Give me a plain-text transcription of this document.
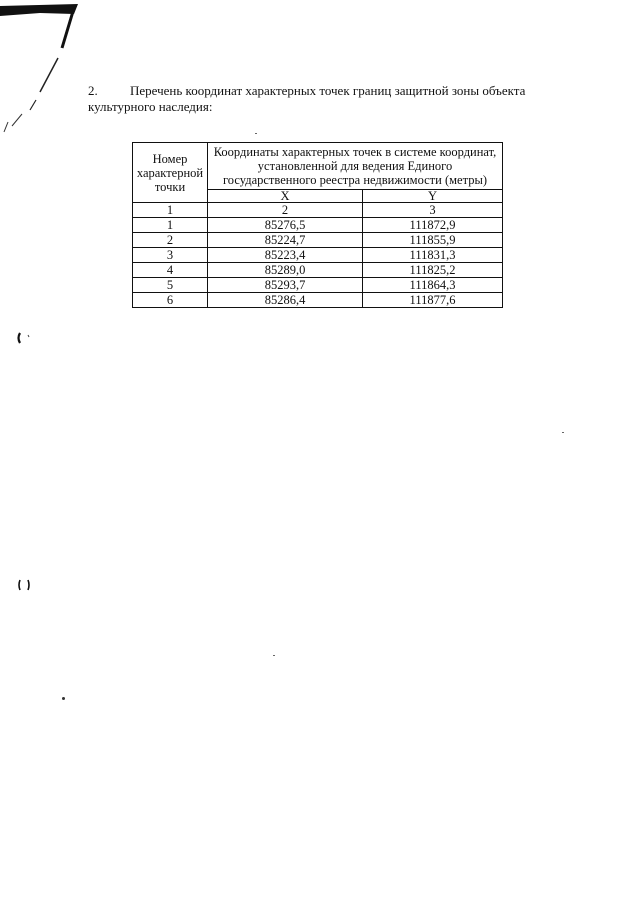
2. Перечень координат характерных точек границ защитной зоны объекта культурного наследия:
Номер характерной точки	Координаты характерных точек в системе координат, установленной для ведения Единого государственного реестра недвижимости (метры)	
	X	Y
1	2	3
1	85276,5	111872,9
2	85224,7	111855,9
3	85223,4	111831,3
4	85289,0	111825,2
5	85293,7	111864,3
6	85286,4	111877,6
